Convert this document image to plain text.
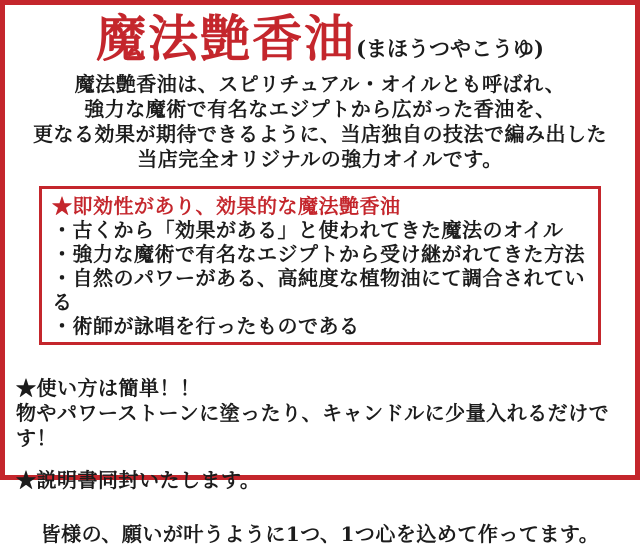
魔法艶香油(まほうつやこうゆ)
魔法艶香油は、スピリチュアル・オイルとも呼ばれ、
強力な魔術で有名なエジプトから広がった香油を、
更なる効果が期待できるように、当店独自の技法で編み出した
当店完全オリジナルの強力オイルです。
★即効性があり、効果的な魔法艶香油
・古くから「効果がある」と使われてきた魔法のオイル
・強力な魔術で有名なエジプトから受け継がれてきた方法
・自然のパワーがある、高純度な植物油にて調合されている
・術師が詠唱を行ったものである
★使い方は簡単！！
物やパワーストーンに塗ったり、キャンドルに少量入れるだけです！
★説明書同封いたします。
皆様の、願いが叶うように1つ、1つ心を込めて作ってます。
